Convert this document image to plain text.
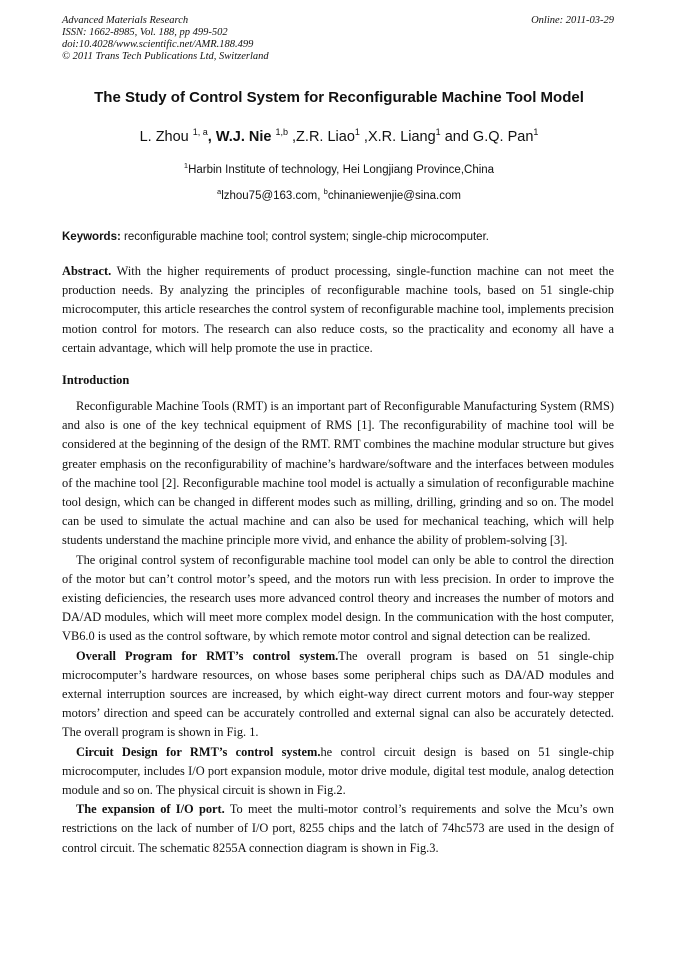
Advanced Materials Research
ISSN: 1662-8985, Vol. 188, pp 499-502
doi:10.4028/www.scientific.net/AMR.188.499
© 2011 Trans Tech Publications Ltd, Switzerland
Online: 2011-03-29
The Study of Control System for Reconfigurable Machine Tool Model
L. Zhou $^{1, a}$, W.J. Nie $^{1,b}$ ,Z.R. Liao$^1$ ,X.R. Liang$^1$ and G.Q. Pan$^1$
$^1$Harbin Institute of technology, Hei Longjiang Province,China
$^a$lzhou75@163.com, $^b$chinaniewenjie@sina.com
Keywords: reconfigurable machine tool; control system; single-chip microcomputer.
Abstract. With the higher requirements of product processing, single-function machine can not meet the production needs. By analyzing the principles of reconfigurable machine tools, based on 51 single-chip microcomputer, this article researches the control system of reconfigurable machine tool, implements precision motion control for motors. The research can also reduce costs, so the practicality and economy all have a certain advantage, which will help promote the use in practice.
Introduction

Reconfigurable Machine Tools (RMT) is an important part of Reconfigurable Manufacturing System (RMS) and also is one of the key technical equipment of RMS [1]. The reconfigurability of machine tool will be considered at the beginning of the design of the RMT. RMT combines the machine modular structure but gives greater emphasis on the reconfigurability of machine’s hardware/software and the interfaces between modules of the machine tool [2]. Reconfigurable machine tool model is actually a simulation of reconfigurable machine tool design, which can be changed in different modes such as milling, drilling, grinding and so on. The model can be used to simulate the actual machine and can also be used for mechanical teaching, which will help students understand the machine principle more vivid, and enhance the ability of problem-solving [3].

The original control system of reconfigurable machine tool model can only be able to control the direction of the motor but can’t control motor’s speed, and the motors run with less precision. In order to improve the existing deficiencies, the research uses more advanced control theory and increases the number of motors and DA/AD modules, which will meet more complex model design. In the communication with the host computer, VB6.0 is used as the control software, by which remote motor control and signal detection can be realized.

Overall Program for RMT’s control system.The overall program is based on 51 single-chip microcomputer’s hardware resources, on whose bases some peripheral chips such as DA/AD modules and external interruption sources are increased, by which eight-way direct current motors and four-way stepper motors’ direction and speed can be accurately controlled and external signal can also be accurately detected. The overall program is shown in Fig. 1.

Circuit Design for RMT’s control system.he control circuit design is based on 51 single-chip microcomputer, includes I/O port expansion module, motor drive module, digital test module, analog detection module and so on. The physical circuit is shown in Fig.2.

The expansion of I/O port. To meet the multi-motor control’s requirements and solve the Mcu’s own restrictions on the lack of number of I/O port, 8255 chips and the latch of 74hc573 are used in the design of control circuit. The schematic 8255A connection diagram is shown in Fig.3.
